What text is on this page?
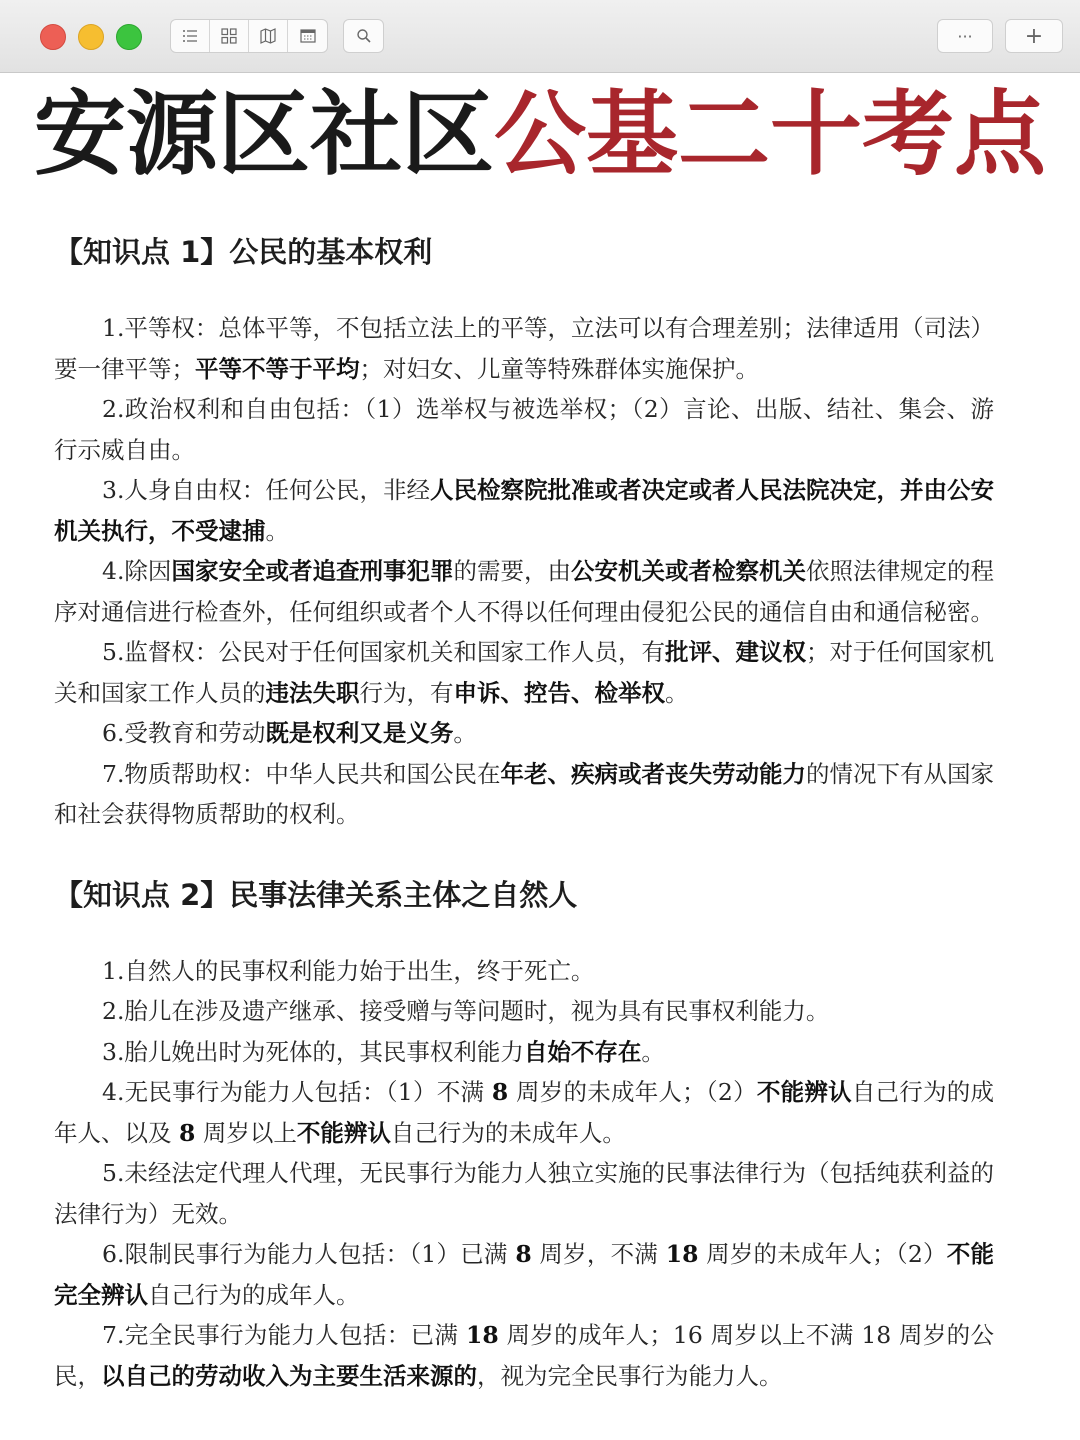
··· +
安源区社区公基二十考点
【知识点 1】公民的基本权利

1.平等权：总体平等，不包括立法上的平等，立法可以有合理差别；法律适用（司法）要一律平等；平等不等于平均；对妇女、儿童等特殊群体实施保护。

2.政治权利和自由包括：（1）选举权与被选举权；（2）言论、出版、结社、集会、游行示威自由。

3.人身自由权：任何公民，非经人民检察院批准或者决定或者人民法院决定，并由公安机关执行，不受逮捕。

4.除因国家安全或者追查刑事犯罪的需要，由公安机关或者检察机关依照法律规定的程序对通信进行检查外，任何组织或者个人不得以任何理由侵犯公民的通信自由和通信秘密。

5.监督权：公民对于任何国家机关和国家工作人员，有批评、建议权；对于任何国家机关和国家工作人员的违法失职行为，有申诉、控告、检举权。

6.受教育和劳动既是权利又是义务。

7.物质帮助权：中华人民共和国公民在年老、疾病或者丧失劳动能力的情况下有从国家和社会获得物质帮助的权利。

【知识点 2】民事法律关系主体之自然人

1.自然人的民事权利能力始于出生，终于死亡。

2.胎儿在涉及遗产继承、接受赠与等问题时，视为具有民事权利能力。

3.胎儿娩出时为死体的，其民事权利能力自始不存在。

4.无民事行为能力人包括：（1）不满 8 周岁的未成年人；（2）不能辨认自己行为的成年人、以及 8 周岁以上不能辨认自己行为的未成年人。

5.未经法定代理人代理，无民事行为能力人独立实施的民事法律行为（包括纯获利益的法律行为）无效。

6.限制民事行为能力人包括：（1）已满 8 周岁，不满 18 周岁的未成年人；（2）不能完全辨认自己行为的成年人。

7.完全民事行为能力人包括：已满 18 周岁的成年人；16 周岁以上不满 18 周岁的公民，以自己的劳动收入为主要生活来源的，视为完全民事行为能力人。
